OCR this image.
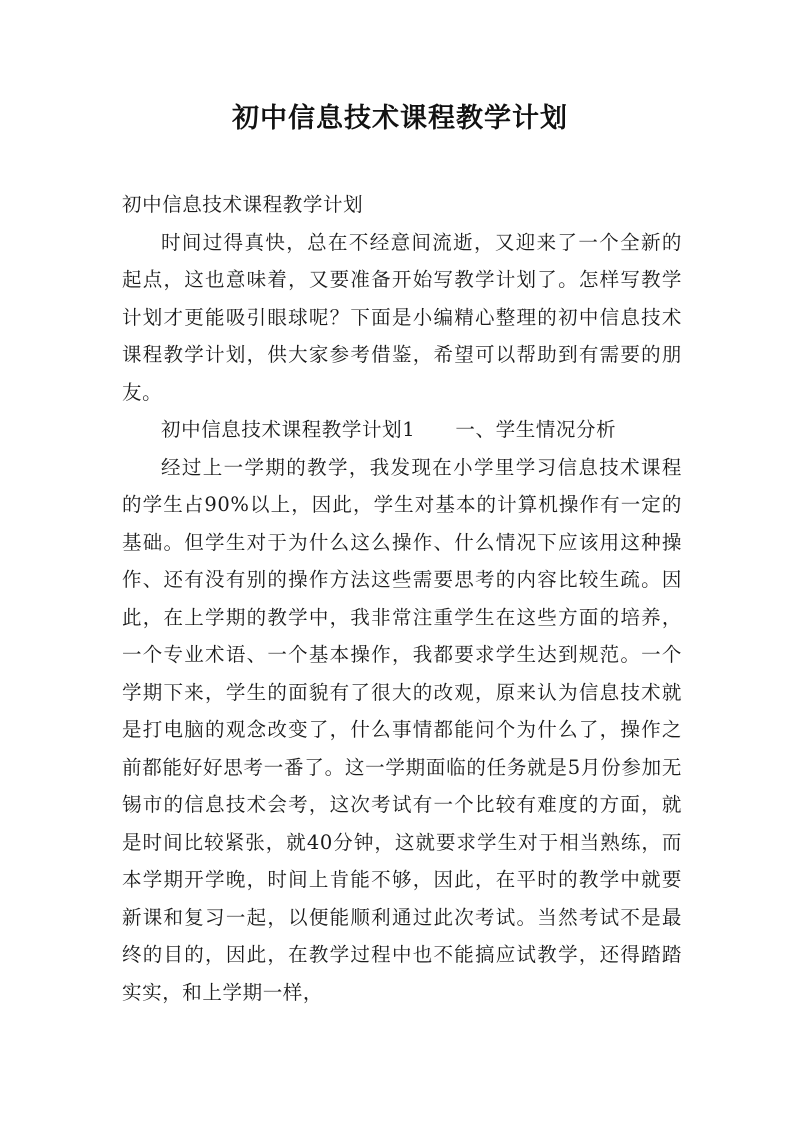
初中信息技术课程教学计划

初中信息技术课程教学计划

时间过得真快，总在不经意间流逝，又迎来了一个全新的起点，这也意味着，又要准备开始写教学计划了。怎样写教学计划才更能吸引眼球呢？下面是小编精心整理的初中信息技术课程教学计划，供大家参考借鉴，希望可以帮助到有需要的朋友。

初中信息技术课程教学计划1　　一、学生情况分析

经过上一学期的教学，我发现在小学里学习信息技术课程的学生占90%以上，因此，学生对基本的计算机操作有一定的基础。但学生对于为什么这么操作、什么情况下应该用这种操作、还有没有别的操作方法这些需要思考的内容比较生疏。因此，在上学期的教学中，我非常注重学生在这些方面的培养，一个专业术语、一个基本操作，我都要求学生达到规范。一个学期下来，学生的面貌有了很大的改观，原来认为信息技术就是打电脑的观念改变了，什么事情都能问个为什么了，操作之前都能好好思考一番了。这一学期面临的任务就是5月份参加无锡市的信息技术会考，这次考试有一个比较有难度的方面，就是时间比较紧张，就40分钟，这就要求学生对于相当熟练，而本学期开学晚，时间上肯能不够，因此，在平时的教学中就要新课和复习一起，以便能顺利通过此次考试。当然考试不是最终的目的，因此，在教学过程中也不能搞应试教学，还得踏踏实实，和上学期一样，
